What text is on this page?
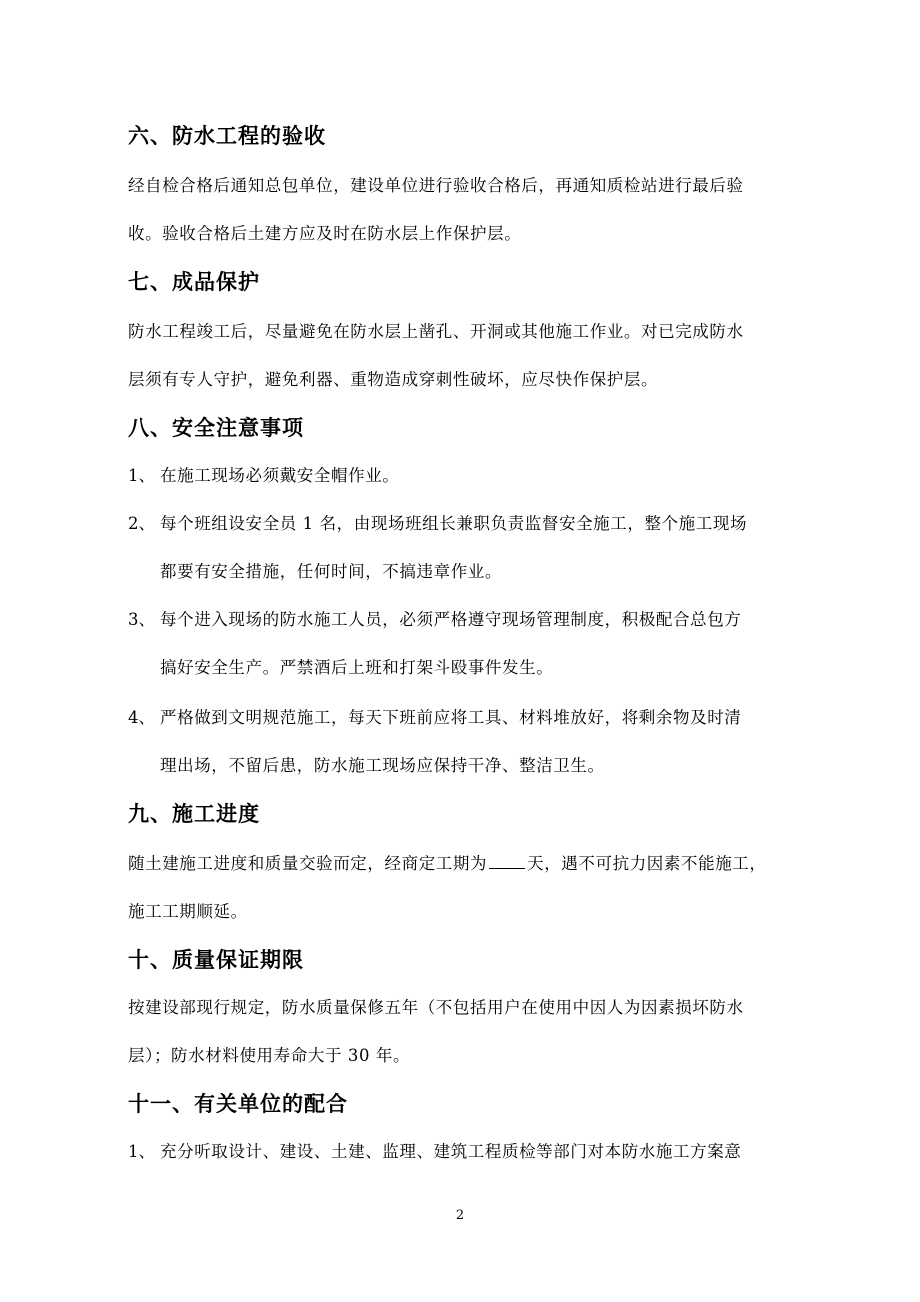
六、防水工程的验收
经自检合格后通知总包单位，建设单位进行验收合格后，再通知质检站进行最后验
收。验收合格后土建方应及时在防水层上作保护层。
七、成品保护
防水工程竣工后，尽量避免在防水层上凿孔、开洞或其他施工作业。对已完成防水
层须有专人守护，避免利器、重物造成穿刺性破坏，应尽快作保护层。
八、安全注意事项
1、 在施工现场必须戴安全帽作业。
2、 每个班组设安全员 1 名，由现场班组长兼职负责监督安全施工，整个施工现场
都要有安全措施，任何时间，不搞违章作业。
3、 每个进入现场的防水施工人员，必须严格遵守现场管理制度，积极配合总包方
搞好安全生产。严禁酒后上班和打架斗殴事件发生。
4、 严格做到文明规范施工，每天下班前应将工具、材料堆放好，将剩余物及时清
理出场，不留后患，防水施工现场应保持干净、整洁卫生。
九、施工进度
随土建施工进度和质量交验而定，经商定工期为 天，遇不可抗力因素不能施工，
施工工期顺延。
十、质量保证期限
按建设部现行规定，防水质量保修五年（不包括用户在使用中因人为因素损坏防水
层）；防水材料使用寿命大于 30 年。
十一、有关单位的配合
1、 充分听取设计、建设、土建、监理、建筑工程质检等部门对本防水施工方案意
2
